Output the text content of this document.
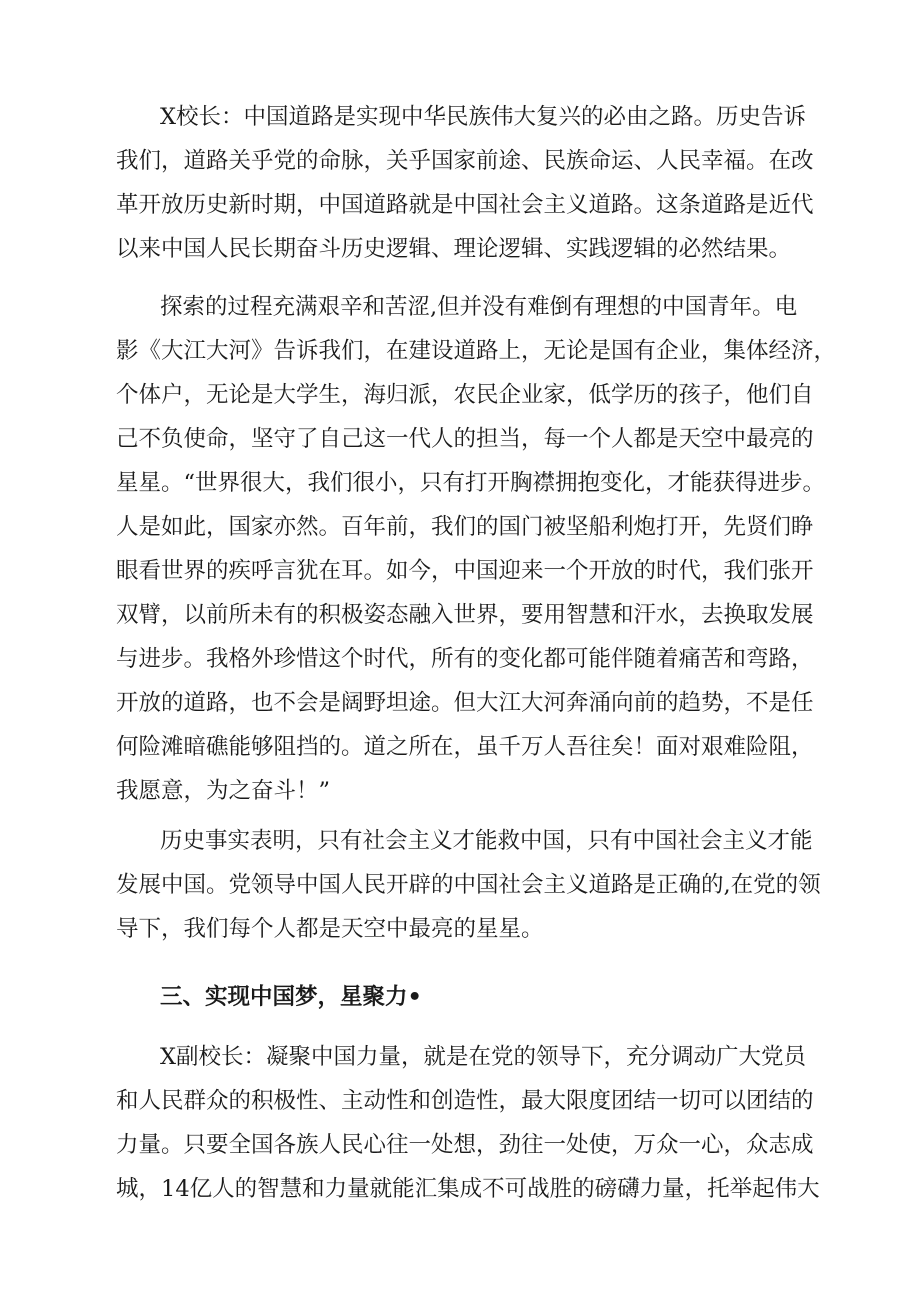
X校长：中国道路是实现中华民族伟大复兴的必由之路。历史告诉
我们，道路关乎党的命脉，关乎国家前途、民族命运、人民幸福。在改
革开放历史新时期，中国道路就是中国社会主义道路。这条道路是近代
以来中国人民长期奋斗历史逻辑、理论逻辑、实践逻辑的必然结果。
探索的过程充满艰辛和苦涩,但并没有难倒有理想的中国青年。电
影《大江大河》告诉我们，在建设道路上，无论是国有企业，集体经济，
个体户，无论是大学生，海归派，农民企业家，低学历的孩子，他们自
己不负使命，坚守了自己这一代人的担当，每一个人都是天空中最亮的
星星。“世界很大，我们很小，只有打开胸襟拥抱变化，才能获得进步。
人是如此，国家亦然。百年前，我们的国门被坚船利炮打开，先贤们睁
眼看世界的疾呼言犹在耳。如今，中国迎来一个开放的时代，我们张开
双臂，以前所未有的积极姿态融入世界，要用智慧和汗水，去换取发展
与进步。我格外珍惜这个时代，所有的变化都可能伴随着痛苦和弯路，
开放的道路，也不会是阔野坦途。但大江大河奔涌向前的趋势，不是任
何险滩暗礁能够阻挡的。道之所在，虽千万人吾往矣！面对艰难险阻，
我愿意，为之奋斗！”
历史事实表明，只有社会主义才能救中国，只有中国社会主义才能
发展中国。党领导中国人民开辟的中国社会主义道路是正确的,在党的领
导下，我们每个人都是天空中最亮的星星。
三、实现中国梦，星聚力•
X副校长：凝聚中国力量，就是在党的领导下，充分调动广大党员
和人民群众的积极性、主动性和创造性，最大限度团结一切可以团结的
力量。只要全国各族人民心往一处想，劲往一处使，万众一心，众志成
城，14亿人的智慧和力量就能汇集成不可战胜的磅礴力量，托举起伟大
